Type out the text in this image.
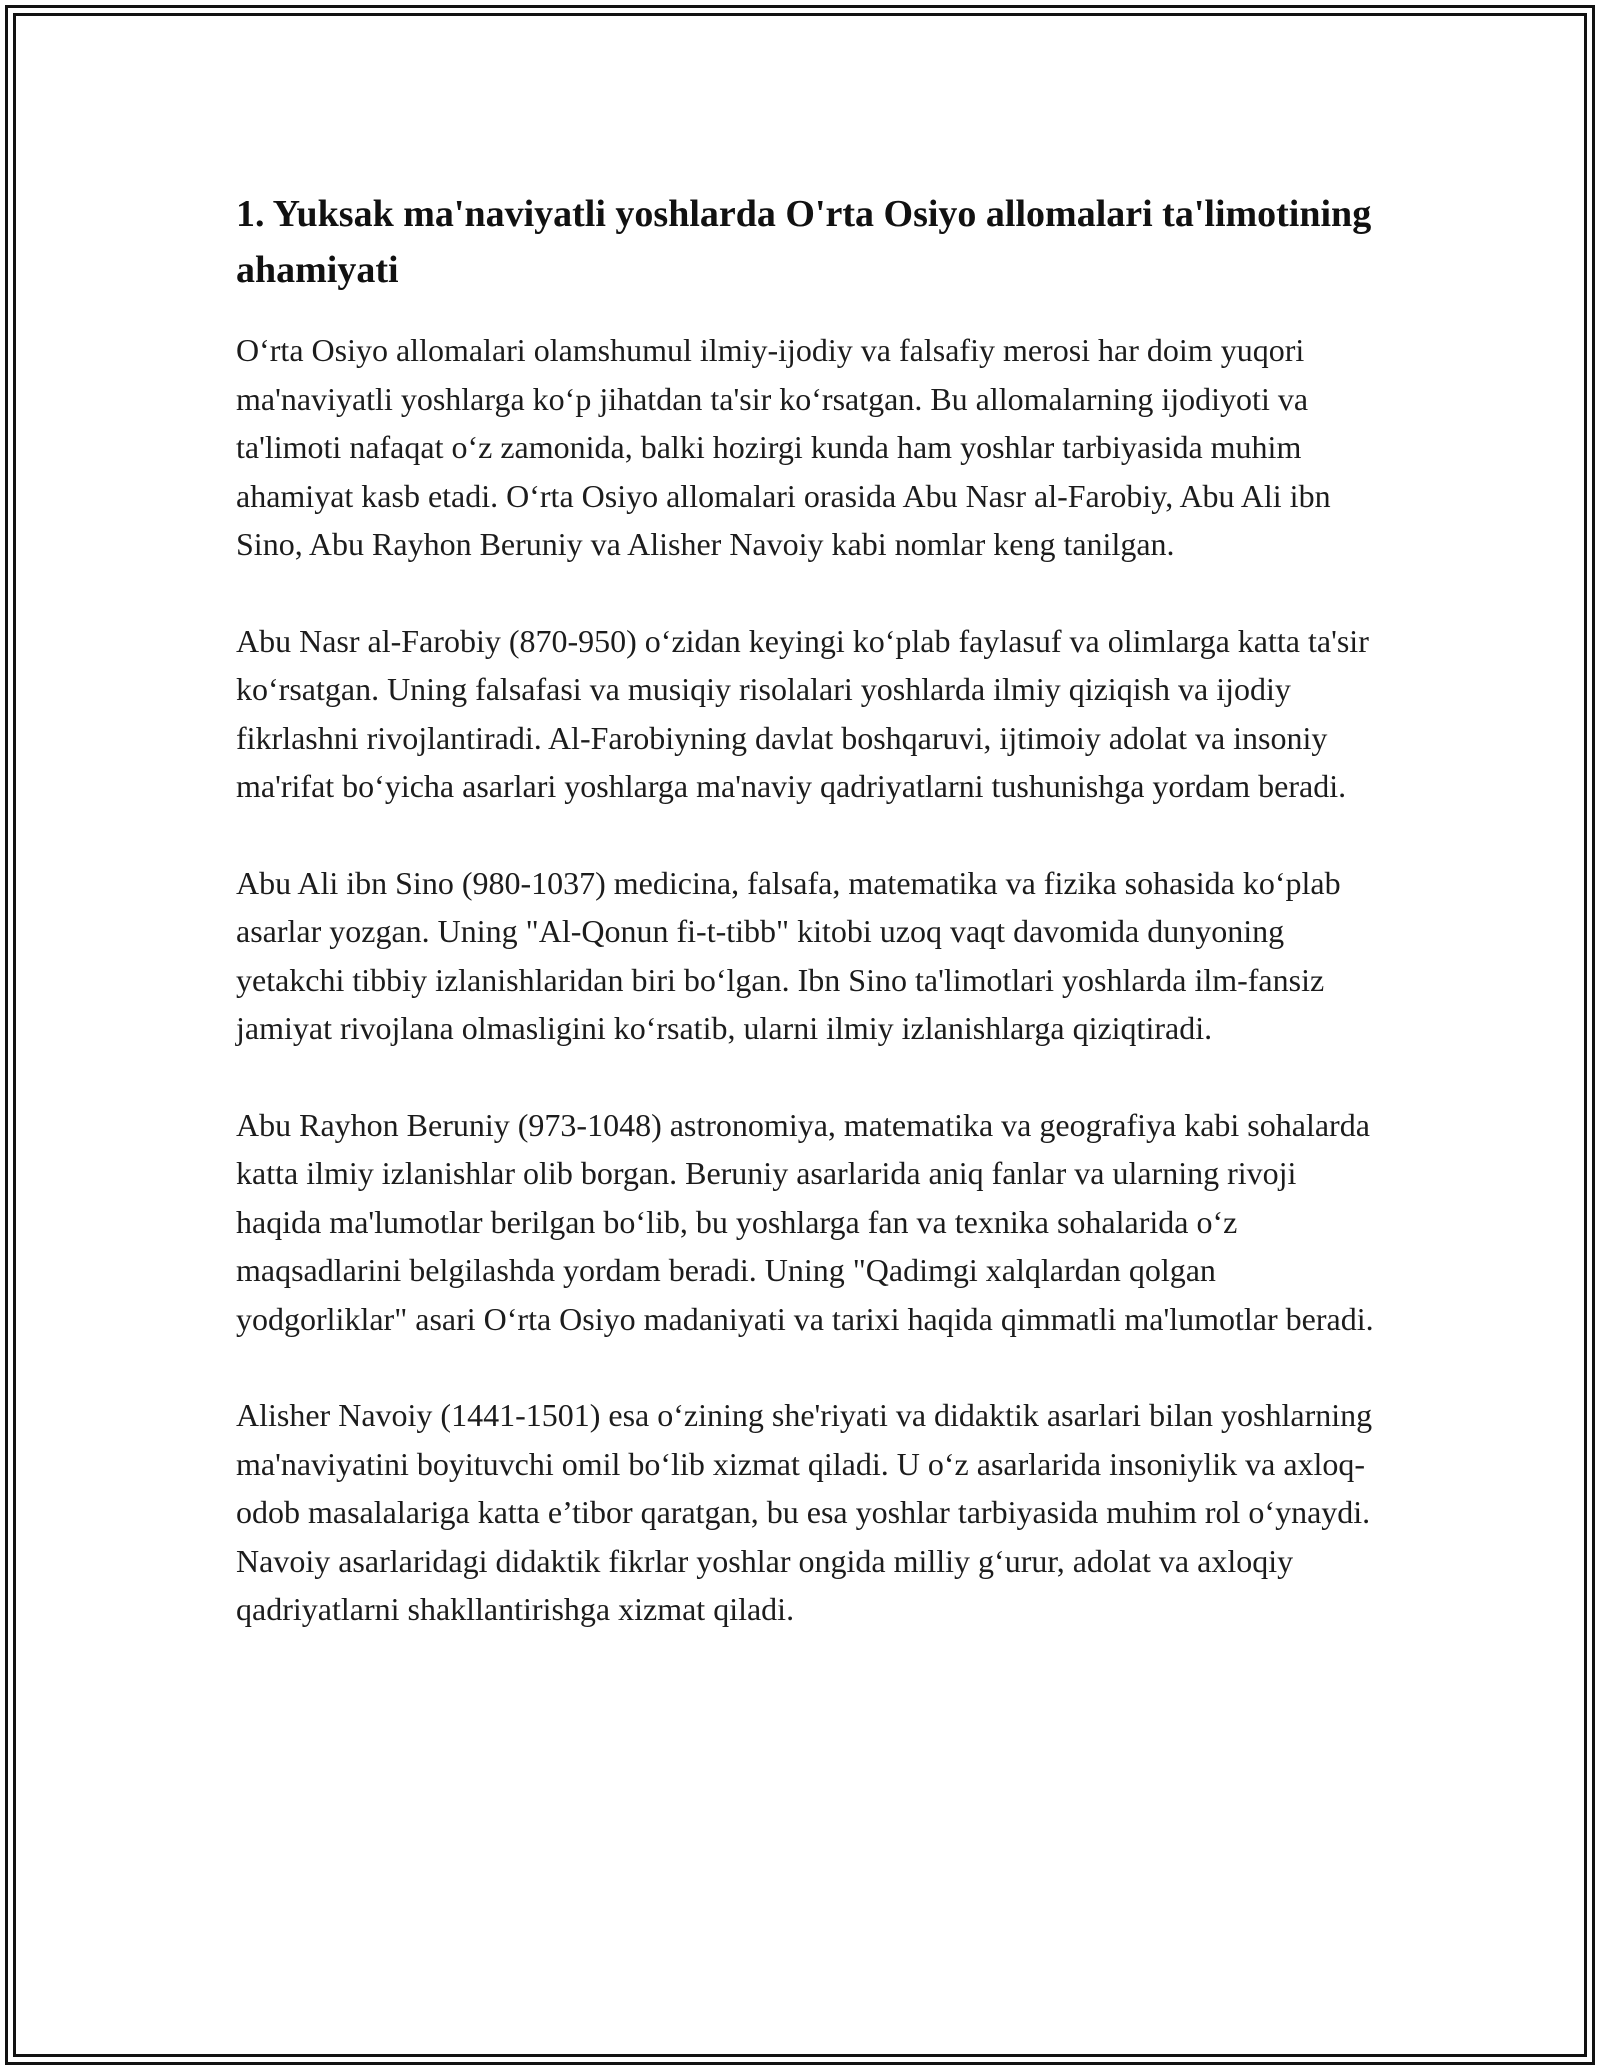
1. Yuksak ma'naviyatli yoshlarda O'rta Osiyo allomalari ta'limotining ahamiyati

O‘rta Osiyo allomalari olamshumul ilmiy-ijodiy va falsafiy merosi har doim yuqori ma'naviyatli yoshlarga ko‘p jihatdan ta'sir ko‘rsatgan. Bu allomalarning ijodiyoti va ta'limoti nafaqat o‘z zamonida, balki hozirgi kunda ham yoshlar tarbiyasida muhim ahamiyat kasb etadi. O‘rta Osiyo allomalari orasida Abu Nasr al-Farobiy, Abu Ali ibn Sino, Abu Rayhon Beruniy va Alisher Navoiy kabi nomlar keng tanilgan.

Abu Nasr al-Farobiy (870-950) o‘zidan keyingi ko‘plab faylasuf va olimlarga katta ta'sir ko‘rsatgan. Uning falsafasi va musiqiy risolalari yoshlarda ilmiy qiziqish va ijodiy fikrlashni rivojlantiradi. Al-Farobiyning davlat boshqaruvi, ijtimoiy adolat va insoniy ma'rifat bo‘yicha asarlari yoshlarga ma'naviy qadriyatlarni tushunishga yordam beradi.

Abu Ali ibn Sino (980-1037) medicina, falsafa, matematika va fizika sohasida ko‘plab asarlar yozgan. Uning "Al-Qonun fi-t-tibb" kitobi uzoq vaqt davomida dunyoning yetakchi tibbiy izlanishlaridan biri bo‘lgan. Ibn Sino ta'limotlari yoshlarda ilm-fansiz jamiyat rivojlana olmasligini ko‘rsatib, ularni ilmiy izlanishlarga qiziqtiradi.

Abu Rayhon Beruniy (973-1048) astronomiya, matematika va geografiya kabi sohalarda katta ilmiy izlanishlar olib borgan. Beruniy asarlarida aniq fanlar va ularning rivoji haqida ma'lumotlar berilgan bo‘lib, bu yoshlarga fan va texnika sohalarida o‘z maqsadlarini belgilashda yordam beradi. Uning "Qadimgi xalqlardan qolgan yodgorliklar" asari O‘rta Osiyo madaniyati va tarixi haqida qimmatli ma'lumotlar beradi.

Alisher Navoiy (1441-1501) esa o‘zining she'riyati va didaktik asarlari bilan yoshlarning ma'naviyatini boyituvchi omil bo‘lib xizmat qiladi. U o‘z asarlarida insoniylik va axloq-odob masalalariga katta e’tibor qaratgan, bu esa yoshlar tarbiyasida muhim rol o‘ynaydi. Navoiy asarlaridagi didaktik fikrlar yoshlar ongida milliy g‘urur, adolat va axloqiy qadriyatlarni shakllantirishga xizmat qiladi.
